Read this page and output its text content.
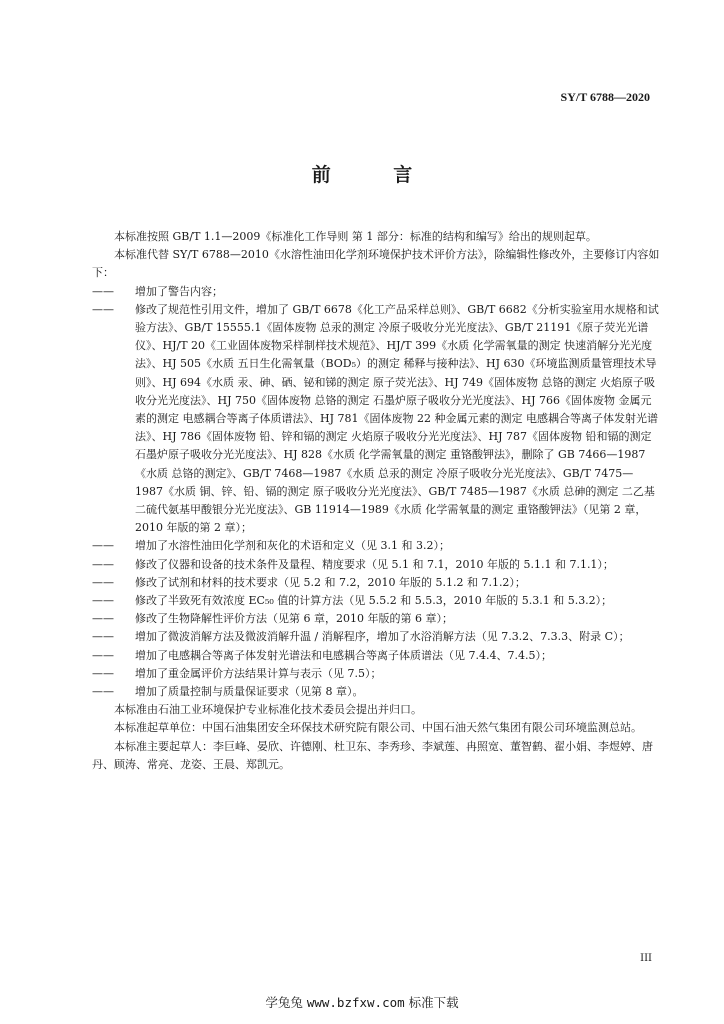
SY/T 6788—2020
前 言

本标准按照 GB/T 1.1—2009《标准化工作导则 第 1 部分：标准的结构和编写》给出的规则起草。

本标准代替 SY/T 6788—2010《水溶性油田化学剂环境保护技术评价方法》，除编辑性修改外，主要修订内容如下：

—— 增加了警告内容；
—— 修改了规范性引用文件，增加了 GB/T 6678《化工产品采样总则》、GB/T 6682《分析实验室用水规格和试验方法》、GB/T 15555.1《固体废物 总汞的测定 冷原子吸收分光光度法》、GB/T 21191《原子荧光光谱仪》、HJ/T 20《工业固体废物采样制样技术规范》、HJ/T 399《水质 化学需氧量的测定 快速消解分光光度法》、HJ 505《水质 五日生化需氧量（BOD₅）的测定 稀释与接种法》、HJ 630《环境监测质量管理技术导则》、HJ 694《水质 汞、砷、硒、铋和锑的测定 原子荧光法》、HJ 749《固体废物 总铬的测定 火焰原子吸收分光光度法》、HJ 750《固体废物 总铬的测定 石墨炉原子吸收分光光度法》、HJ 766《固体废物 金属元素的测定 电感耦合等离子体质谱法》、HJ 781《固体废物 22 种金属元素的测定 电感耦合等离子体发射光谱法》、HJ 786《固体废物 铅、锌和镉的测定 火焰原子吸收分光光度法》、HJ 787《固体废物 铅和镉的测定 石墨炉原子吸收分光光度法》、HJ 828《水质 化学需氧量的测定 重铬酸钾法》，删除了 GB 7466—1987《水质 总铬的测定》、GB/T 7468—1987《水质 总汞的测定 冷原子吸收分光光度法》、GB/T 7475—1987《水质 铜、锌、铅、镉的测定 原子吸收分光光度法》、GB/T 7485—1987《水质 总砷的测定 二乙基二硫代氨基甲酸银分光光度法》、GB 11914—1989《水质 化学需氧量的测定 重铬酸钾法》（见第 2 章，2010 年版的第 2 章）；
—— 增加了水溶性油田化学剂和灰化的术语和定义（见 3.1 和 3.2）；
—— 修改了仪器和设备的技术条件及量程、精度要求（见 5.1 和 7.1，2010 年版的 5.1.1 和 7.1.1）；
—— 修改了试剂和材料的技术要求（见 5.2 和 7.2，2010 年版的 5.1.2 和 7.1.2）；
—— 修改了半致死有效浓度 EC₅₀ 值的计算方法（见 5.5.2 和 5.5.3，2010 年版的 5.3.1 和 5.3.2）；
—— 修改了生物降解性评价方法（见第 6 章，2010 年版的第 6 章）；
—— 增加了微波消解方法及微波消解升温 / 消解程序，增加了水浴消解方法（见 7.3.2、7.3.3、附录 C）；
—— 增加了电感耦合等离子体发射光谱法和电感耦合等离子体质谱法（见 7.4.4、7.4.5）；
—— 增加了重金属评价方法结果计算与表示（见 7.5）；
—— 增加了质量控制与质量保证要求（见第 8 章）。

本标准由石油工业环境保护专业标准化技术委员会提出并归口。

本标准起草单位：中国石油集团安全环保技术研究院有限公司、中国石油天然气集团有限公司环境监测总站。

本标准主要起草人：李巨峰、晏欣、许德刚、杜卫东、李秀珍、李斌莲、冉照宽、董智鹤、翟小娟、李煜婷、唐丹、顾涛、常亮、龙姿、王晨、郑凯元。

III
学兔兔 www.bzfxw.com 标准下载
